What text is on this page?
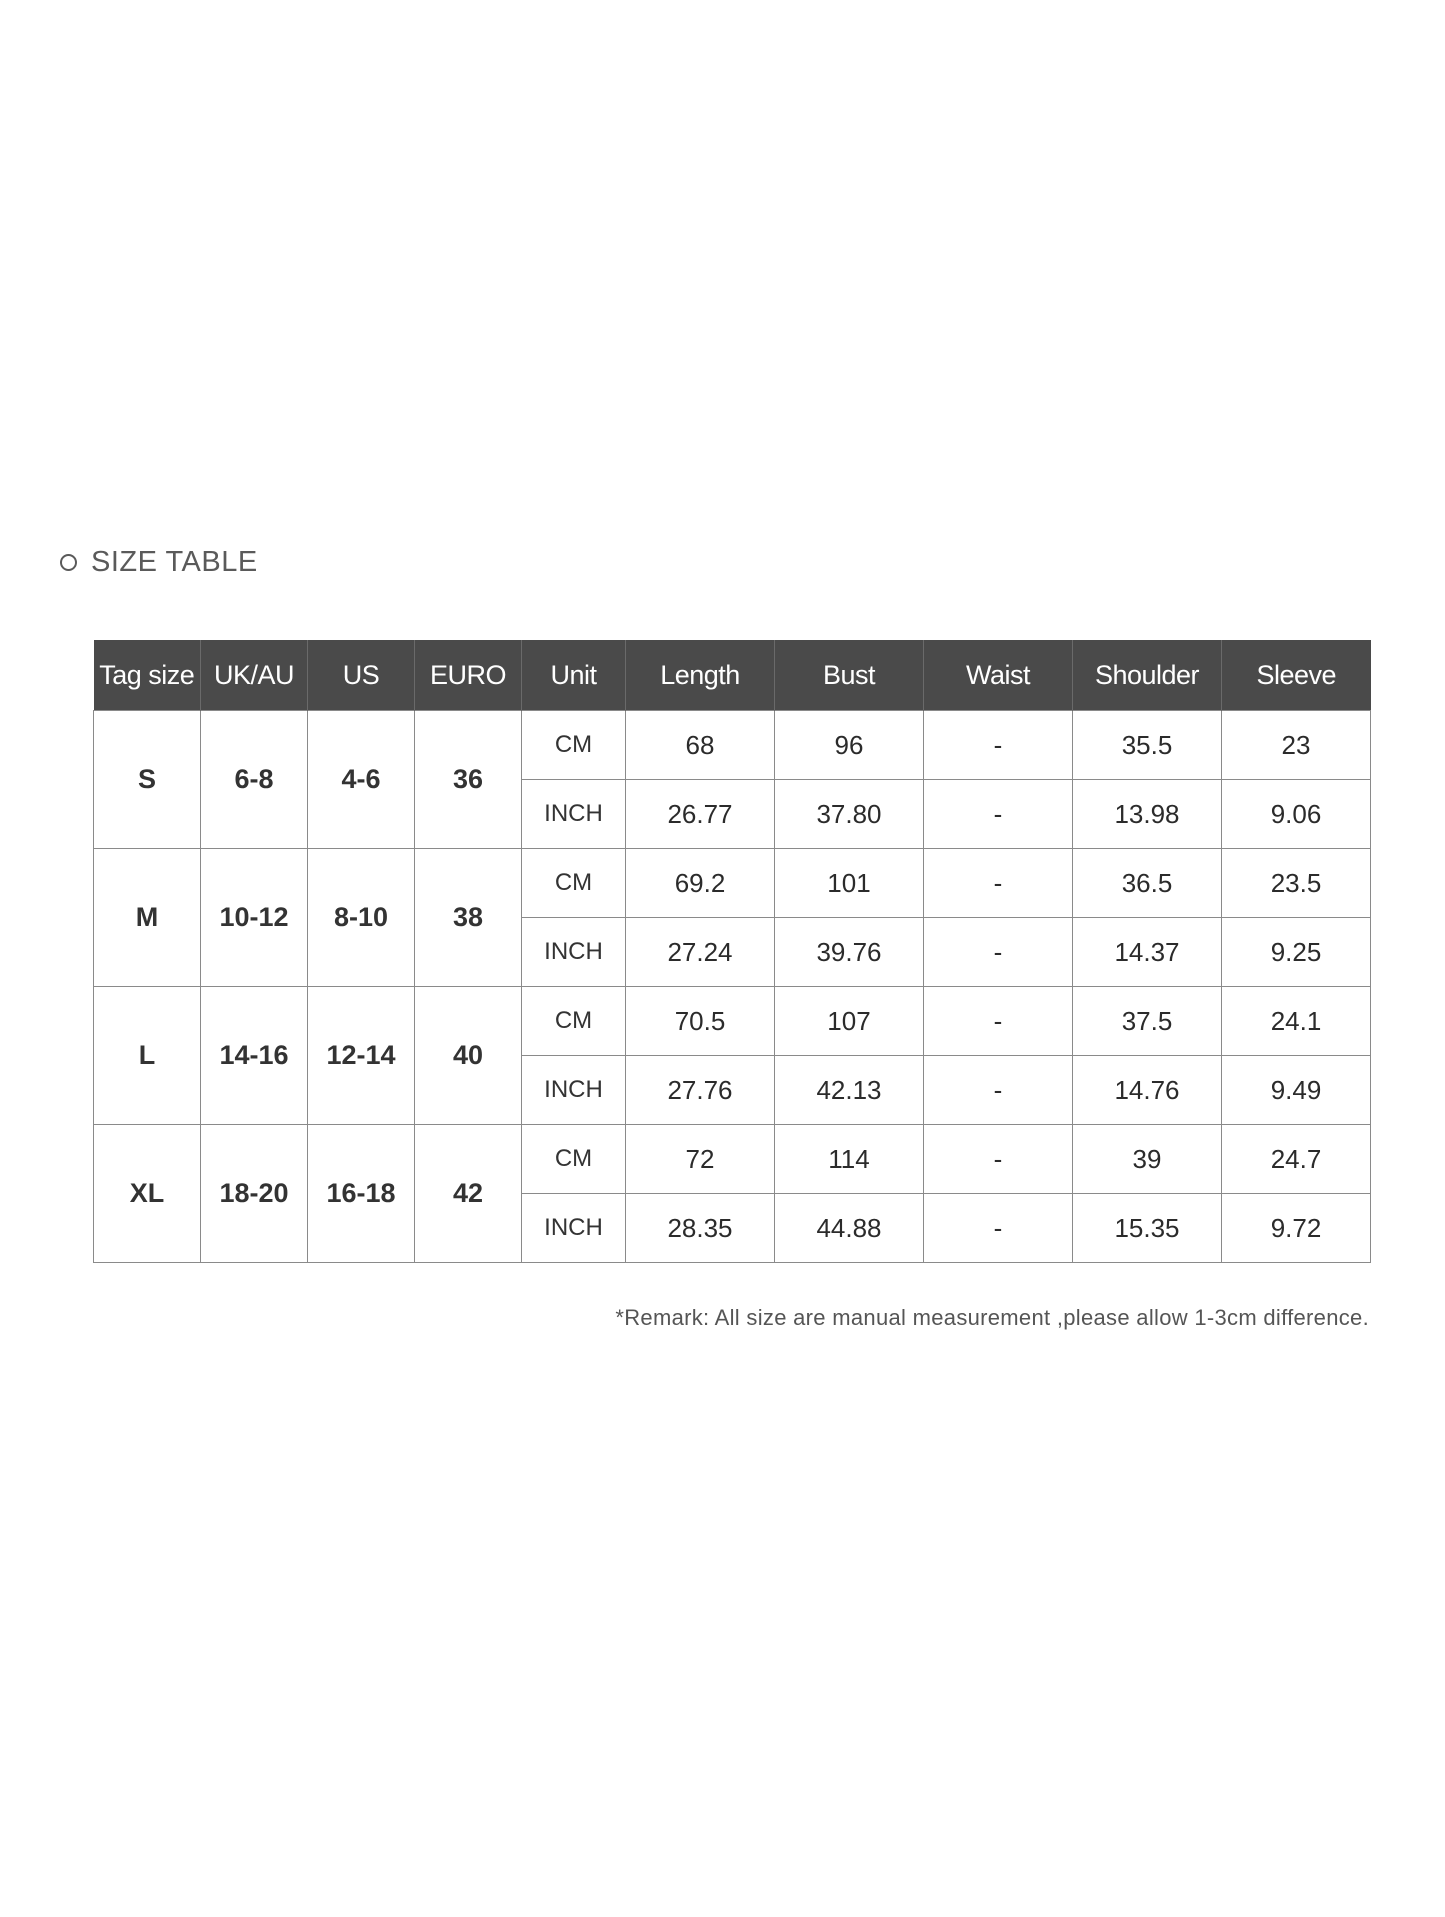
SIZE TABLE
Tag size	UK/AU	US	EURO	Unit	Length	Bust	Waist	Shoulder	Sleeve
S	6-8	4-6	36	CM	68	96	-	35.5	23
				INCH	26.77	37.80	-	13.98	9.06
M	10-12	8-10	38	CM	69.2	101	-	36.5	23.5
				INCH	27.24	39.76	-	14.37	9.25
L	14-16	12-14	40	CM	70.5	107	-	37.5	24.1
				INCH	27.76	42.13	-	14.76	9.49
XL	18-20	16-18	42	CM	72	114	-	39	24.7
				INCH	28.35	44.88	-	15.35	9.72
*Remark: All size are manual measurement ,please allow 1-3cm difference.
